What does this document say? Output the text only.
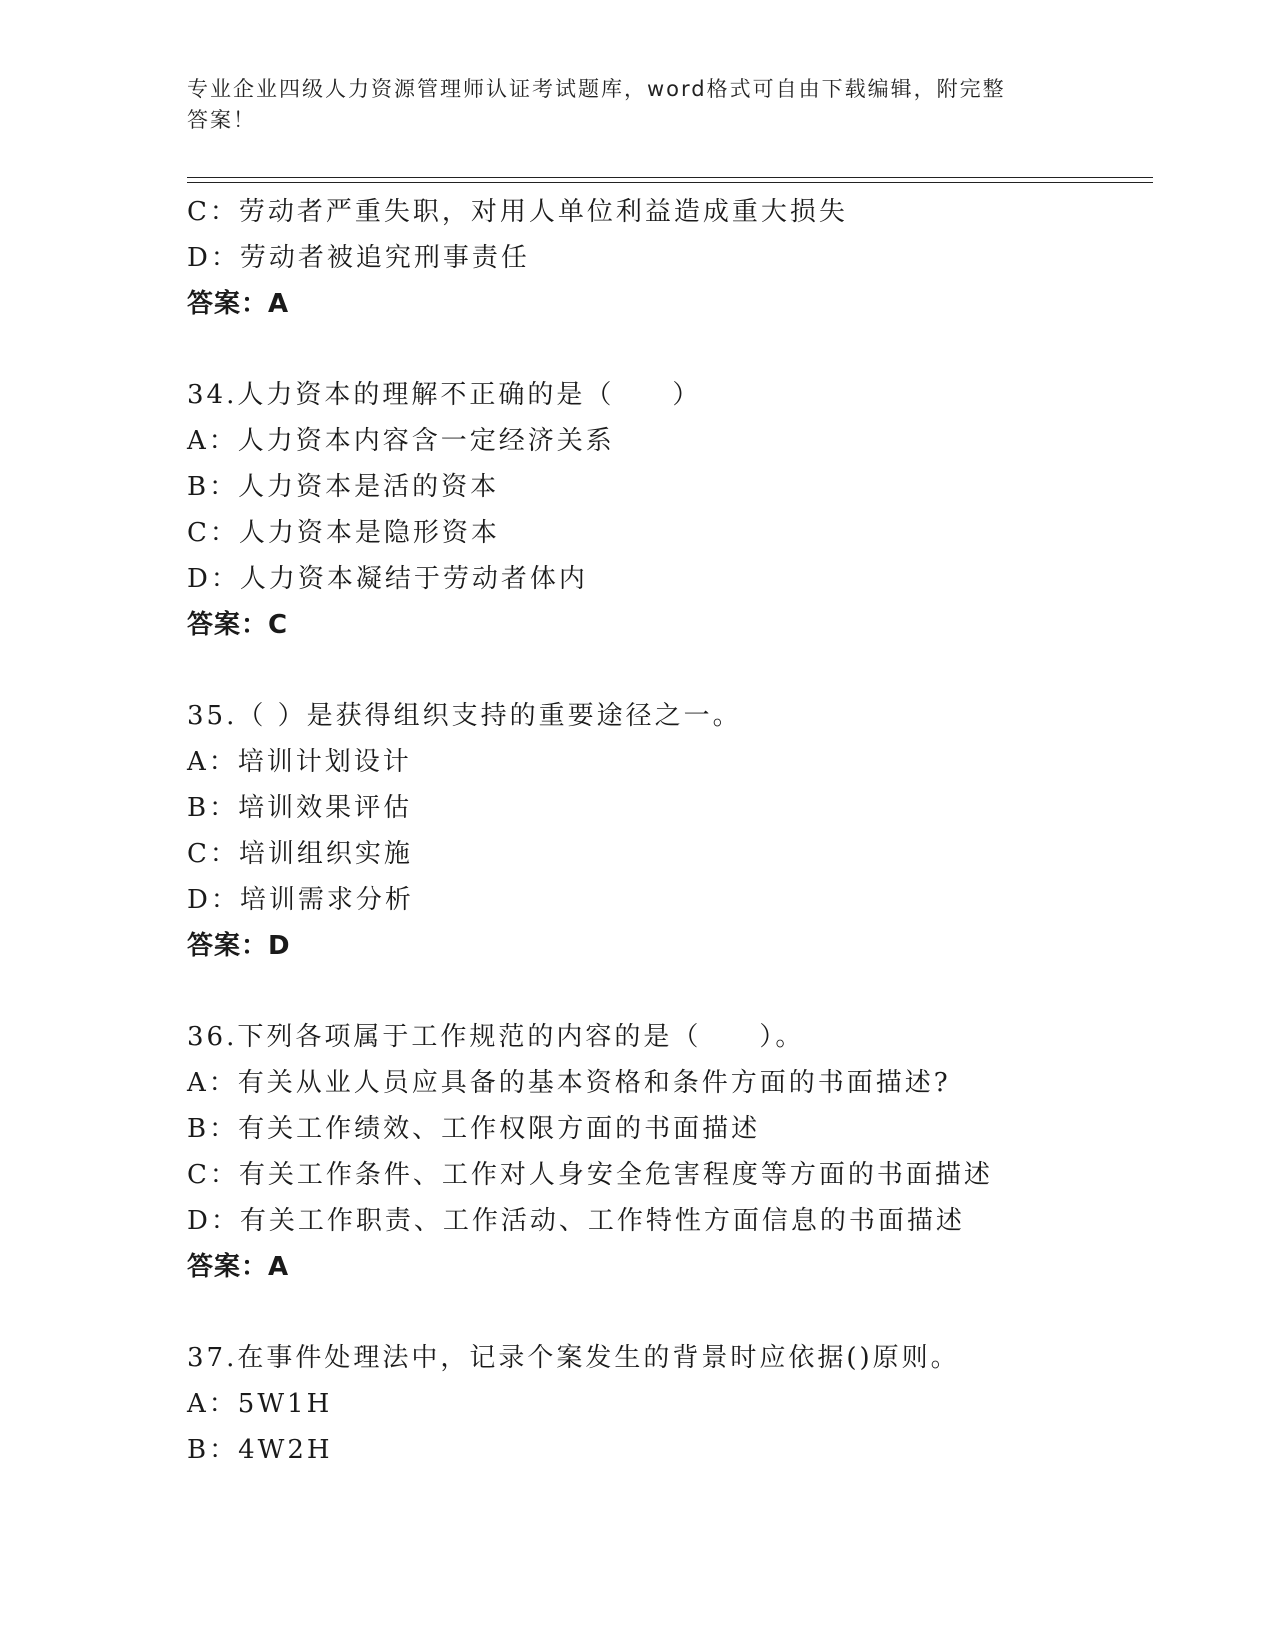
专业企业四级人力资源管理师认证考试题库，word格式可自由下载编辑，附完整
答案！
C：劳动者严重失职，对用人单位利益造成重大损失
D：劳动者被追究刑事责任
答案：A
34.人力资本的理解不正确的是（　　）
A：人力资本内容含一定经济关系
B：人力资本是活的资本
C：人力资本是隐形资本
D：人力资本凝结于劳动者体内
答案：C
35.（ ）是获得组织支持的重要途径之一。
A：培训计划设计
B：培训效果评估
C：培训组织实施
D：培训需求分析
答案：D
36.下列各项属于工作规范的内容的是（　　）。
A：有关从业人员应具备的基本资格和条件方面的书面描述?
B：有关工作绩效、工作权限方面的书面描述
C：有关工作条件、工作对人身安全危害程度等方面的书面描述
D：有关工作职责、工作活动、工作特性方面信息的书面描述
答案：A
37.在事件处理法中，记录个案发生的背景时应依据()原则。
A：5W1H
B：4W2H
